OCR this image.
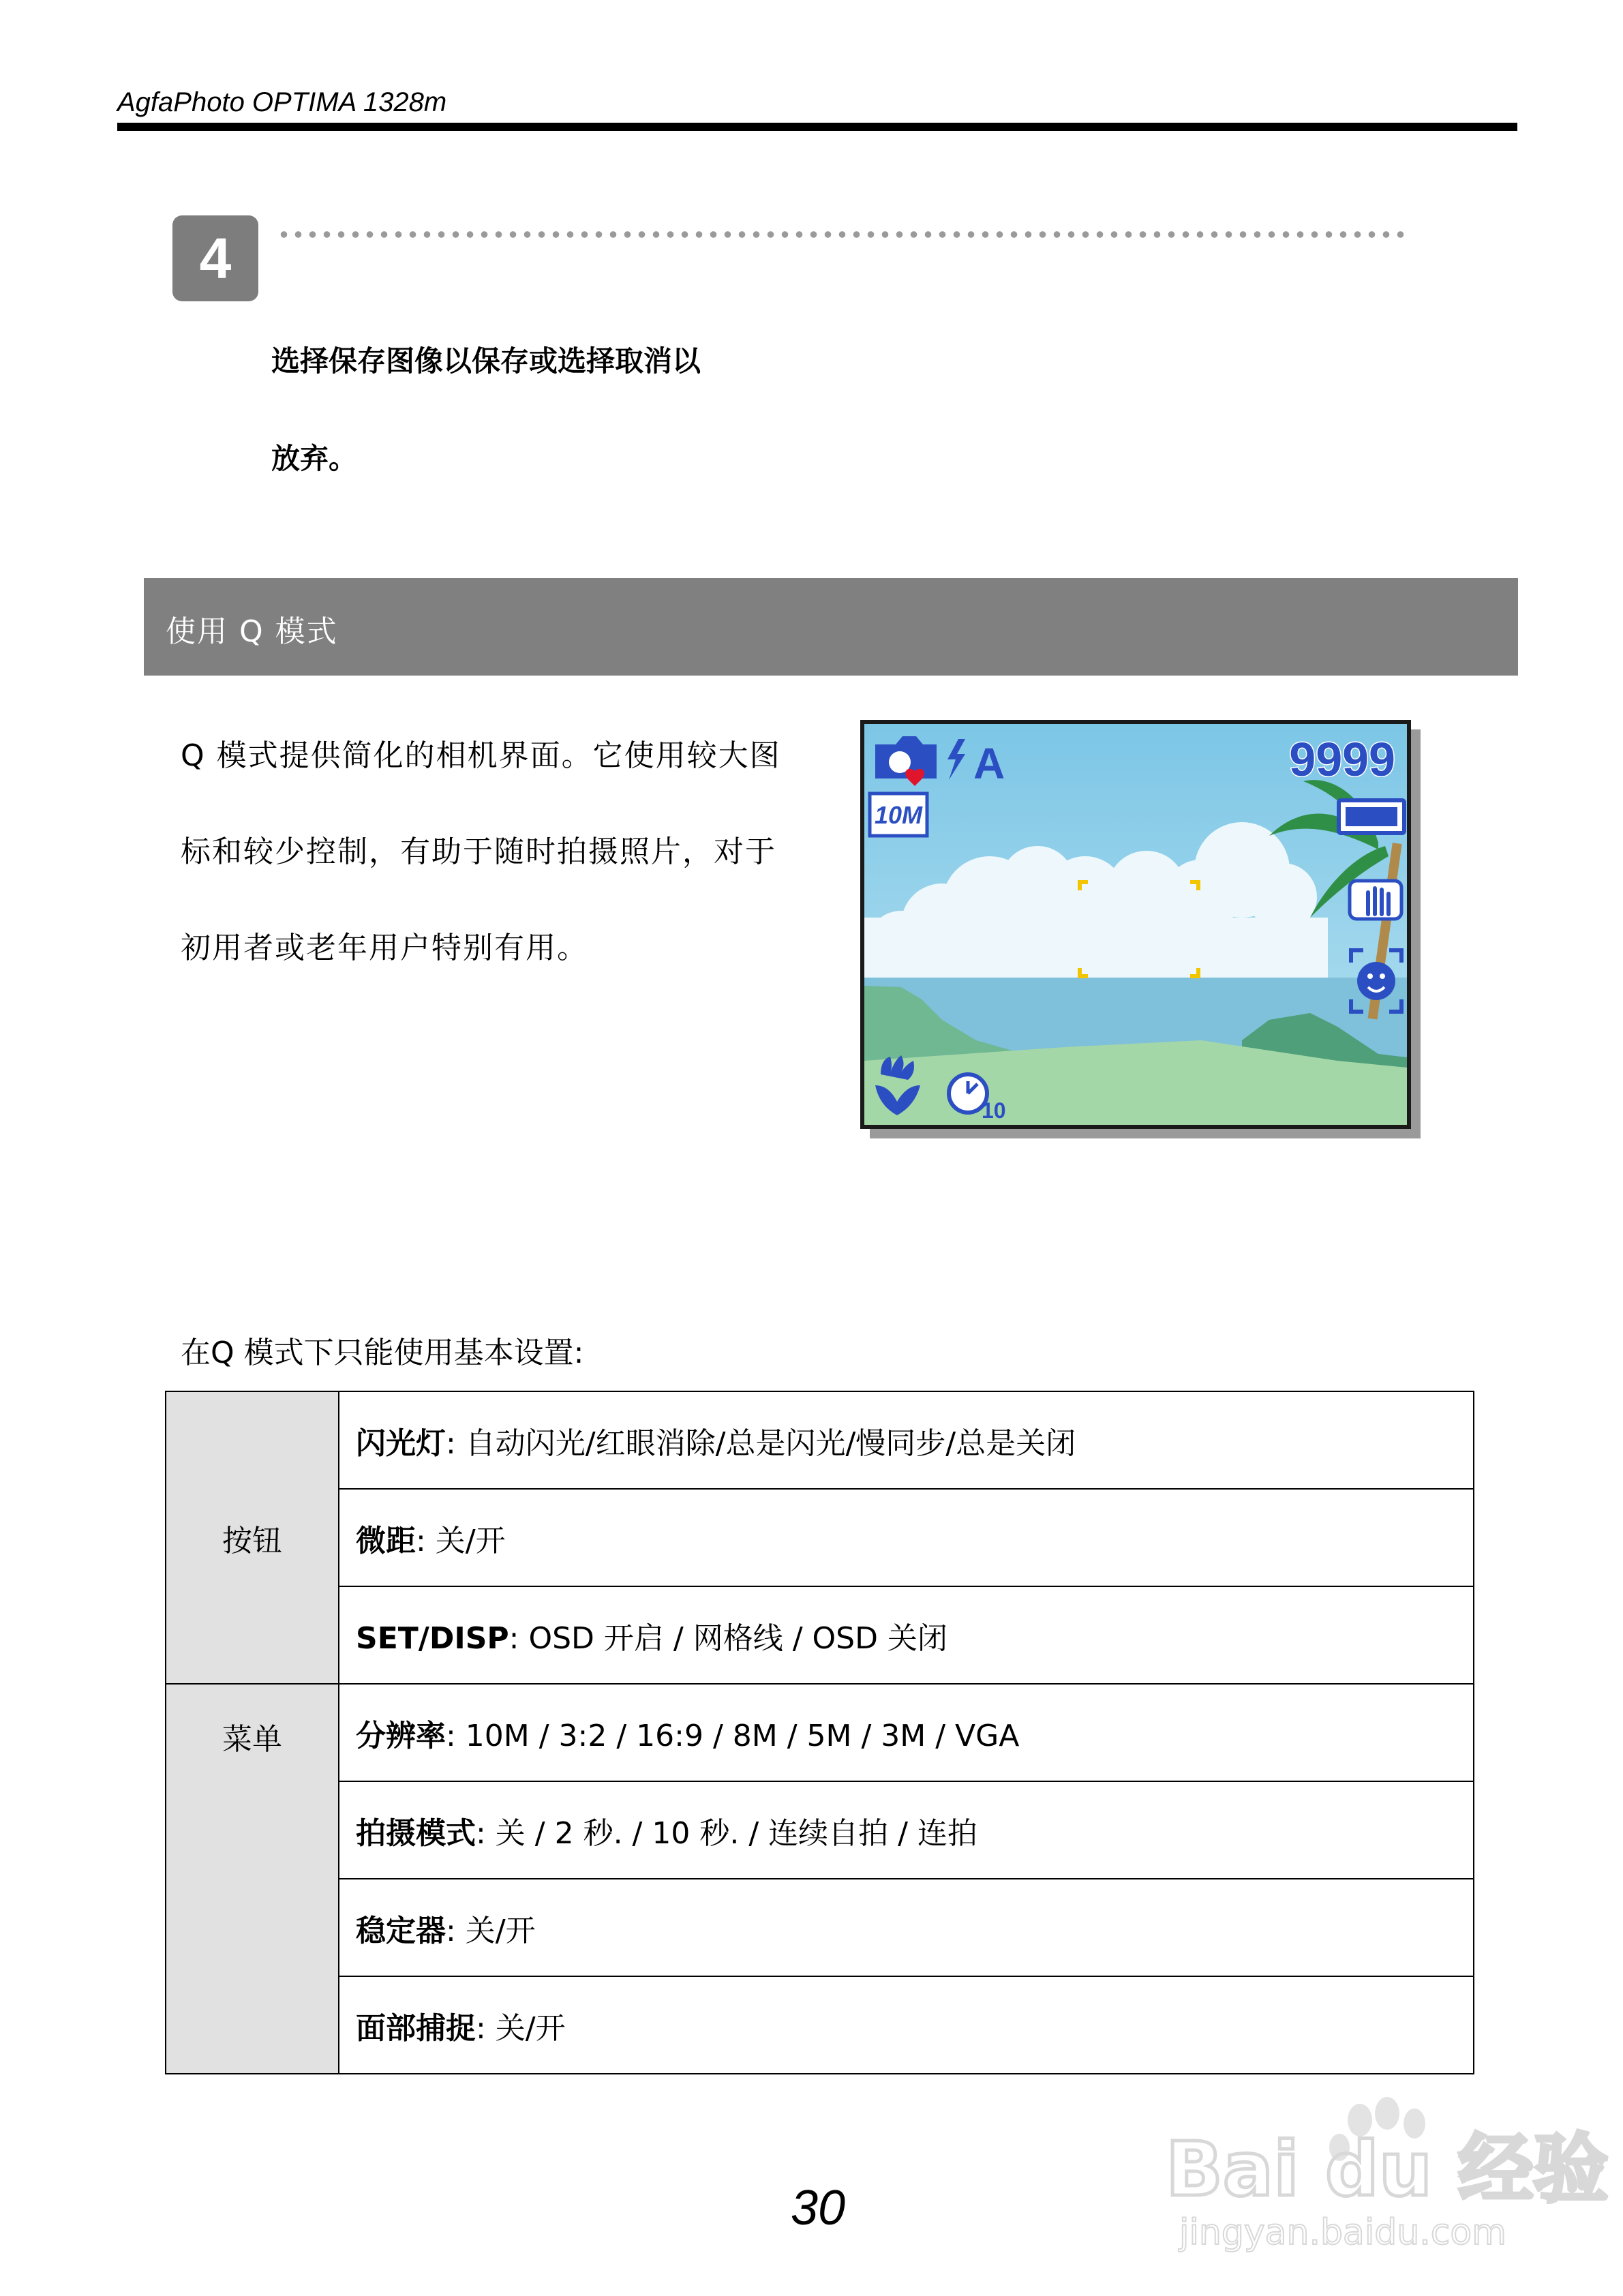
AgfaPhoto OPTIMA 1328m
4
选择保存图像以保存或选择取消以
放弃。
使用 Q 模式
Q 模式提供简化的相机界面。它使用较大图
标和较少控制，有助于随时拍摄照片，对于
初用者或老年用户特别有用。
A	9999
10M
10
在Q 模式下只能使用基本设置:
按钮	闪光灯: 自动闪光/红眼消除/总是闪光/慢同步/总是关闭
	微距: 关/开
	SET/DISP: OSD 开启 / 网格线 / OSD 关闭
菜单	分辨率: 10M / 3:2 / 16:9 / 8M / 5M / 3M / VGA
	拍摄模式: 关 / 2 秒. / 10 秒. / 连续自拍 / 连拍
	稳定器: 关/开
	面部捕捉: 关/开
30	Bai du 经验
jingyan.baidu.com
